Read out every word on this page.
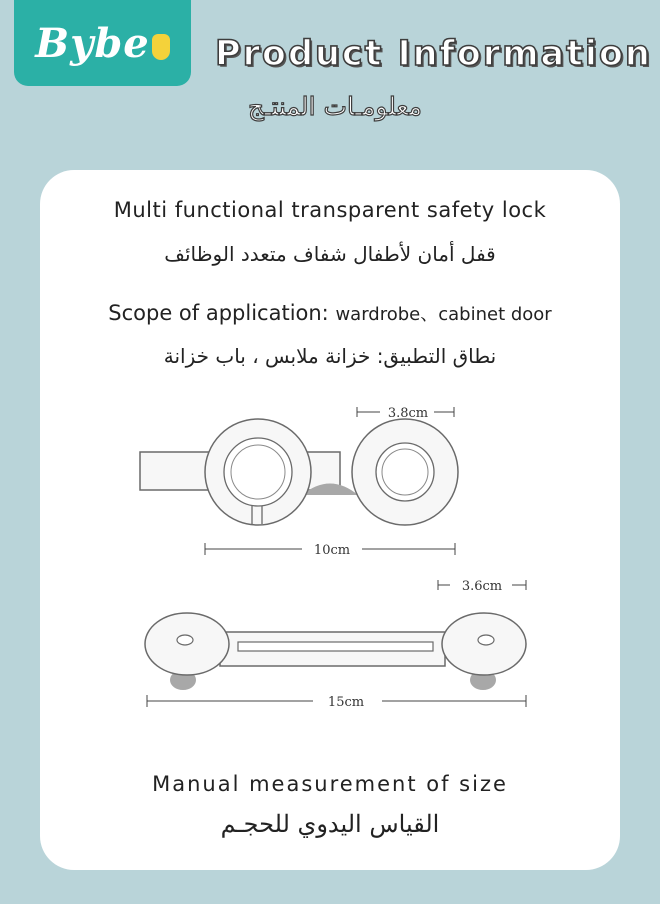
Bybe Product Information
معلومـات المنتـج
Multi functional transparent safety lock
قفل أمان لأطفال شفاف متعدد الوظائف
Scope of application: wardrobe、cabinet door
نطاق التطبيق: خزانة ملابس ، باب خزانة
3.8cm
10cm
3.6cm
15cm
Manual measurement of size
القياس اليدوي للحجـم
